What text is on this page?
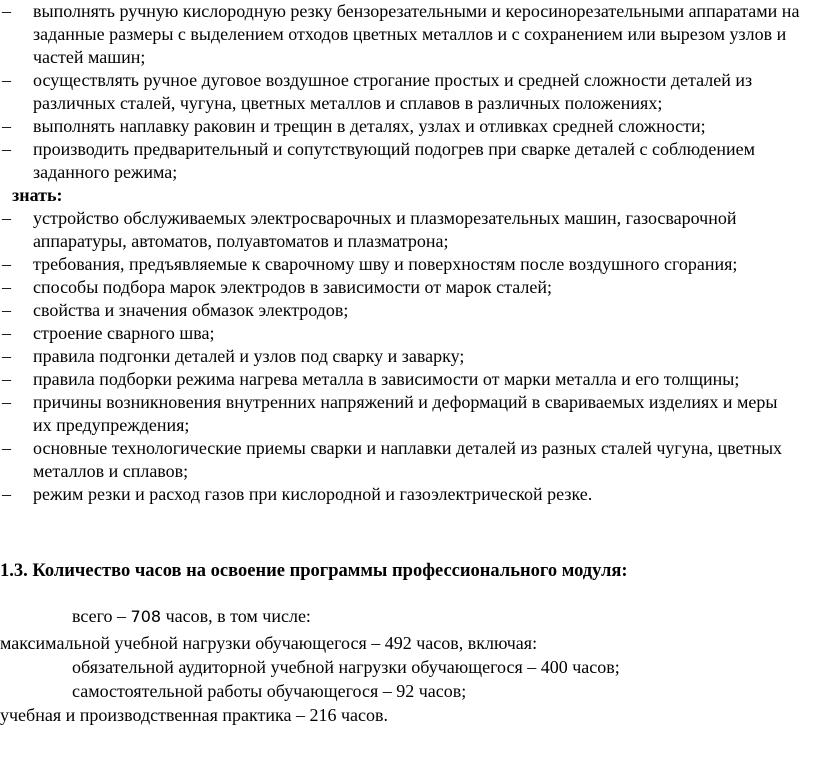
– выполнять ручную кислородную резку бензорезательными и керосинорезательными аппаратами на заданные размеры с выделением отходов цветных металлов и с сохранением или вырезом узлов и частей машин;
– осуществлять ручное дуговое воздушное строгание простых и средней сложности деталей из различных сталей, чугуна, цветных металлов и сплавов в различных положениях;
– выполнять наплавку раковин и трещин в деталях, узлах и отливках средней сложности;
– производить предварительный и сопутствующий подогрев при сварке деталей с соблюдением заданного режима;
знать:
– устройство обслуживаемых электросварочных и плазморезательных машин, газосварочной аппаратуры, автоматов, полуавтоматов и плазматрона;
– требования, предъявляемые к сварочному шву и поверхностям после воздушного сгорания;
– способы подбора марок электродов в зависимости от марок сталей;
– свойства и значения обмазок электродов;
– строение сварного шва;
– правила подгонки деталей и узлов под сварку и заварку;
– правила подборки режима нагрева металла в зависимости от марки металла и его толщины;
– причины возникновения внутренних напряжений и деформаций в свариваемых изделиях и меры их предупреждения;
– основные технологические приемы сварки и наплавки деталей из разных сталей чугуна, цветных металлов и сплавов;
– режим резки и расход газов при кислородной и газоэлектрической резке.
1.3. Количество часов на освоение программы профессионального модуля:
всего – 708 часов, в том числе:
максимальной учебной нагрузки обучающегося – 492 часов, включая:
обязательной аудиторной учебной нагрузки обучающегося – 400 часов;
самостоятельной работы обучающегося – 92 часов;
учебная и производственная практика – 216 часов.
